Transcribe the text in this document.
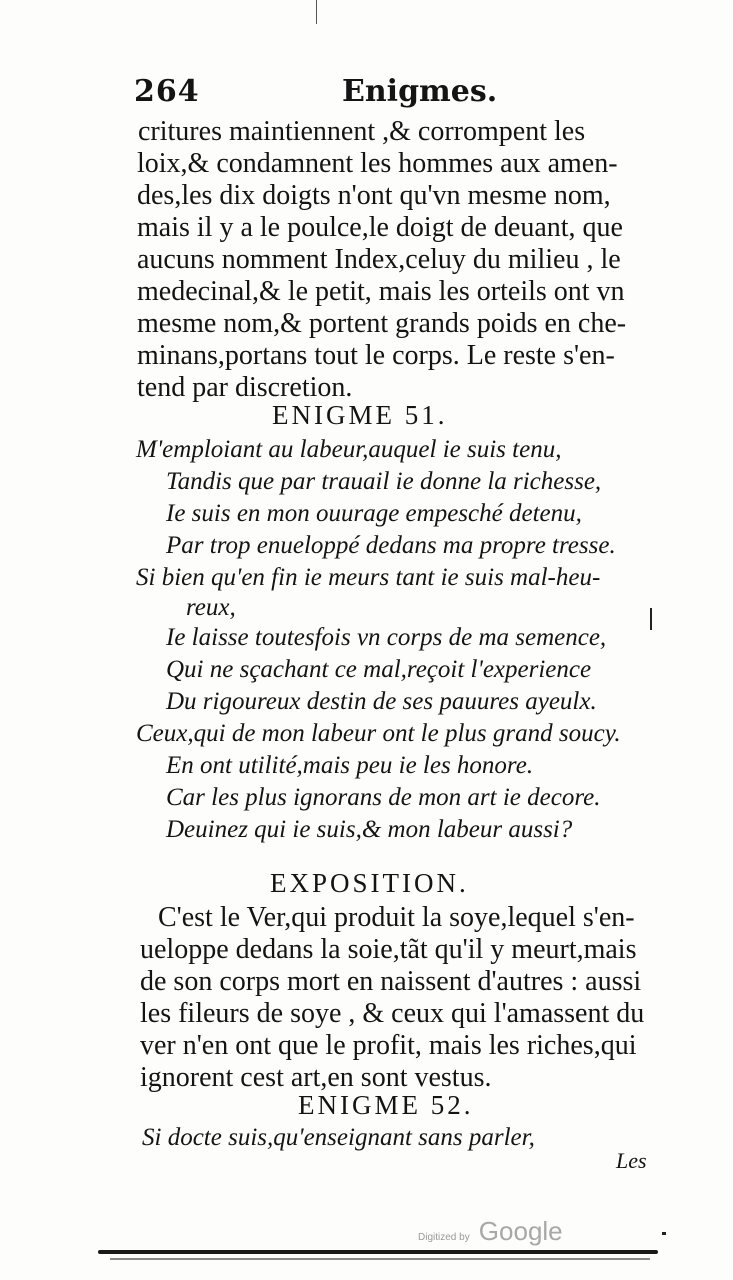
264	Enigmes.
critures maintiennent ,& corrompent les
loix,& condamnent les hommes aux amen-
des,les dix doigts n'ont qu'vn mesme nom,
mais il y a le poulce,le doigt de deuant, que
aucuns nomment Index,celuy du milieu , le
medecinal,& le petit, mais les orteils ont vn
mesme nom,& portent grands poids en che-
minans,portans tout le corps. Le reste s'en-
tend par discretion.
ENIGME 51.
M'emploiant au labeur,auquel ie suis tenu,
Tandis que par trauail ie donne la richesse,
Ie suis en mon ouurage empesché detenu,
Par trop enueloppé dedans ma propre tresse.
Si bien qu'en fin ie meurs tant ie suis mal-heu-
reux,
Ie laisse toutesfois vn corps de ma semence,
Qui ne sçachant ce mal,reçoit l'experience
Du rigoureux destin de ses pauures ayeulx.
Ceux,qui de mon labeur ont le plus grand soucy.
En ont utilité,mais peu ie les honore.
Car les plus ignorans de mon art ie decore.
Deuinez qui ie suis,& mon labeur aussi?
EXPOSITION.
C'est le Ver,qui produit la soye,lequel s'en-
ueloppe dedans la soie,tãt qu'il y meurt,mais
de son corps mort en naissent d'autres : aussi
les fileurs de soye , & ceux qui l'amassent du
ver n'en ont que le profit, mais les riches,qui
ignorent cest art,en sont vestus.
ENIGME 52.
Si docte suis,qu'enseignant sans parler,
Les
Digitized by Google
